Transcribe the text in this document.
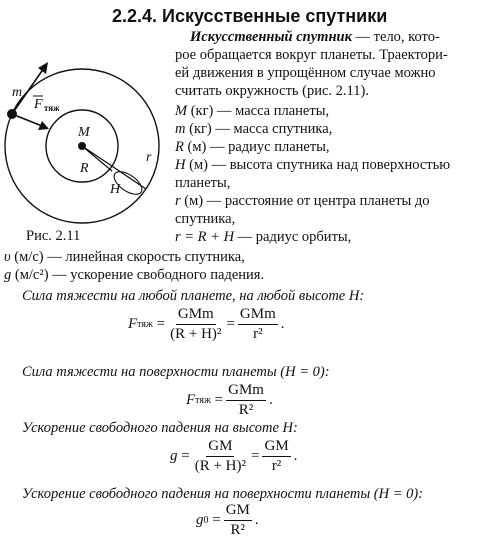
2.2.4. Искусственные спутники
m
F тяж
M
R
r
H
Рис. 2.11
Искусственный спутник — тело, кото-
рое обращается вокруг планеты. Траектори-
ей движения в упрощённом случае можно
считать окружность (рис. 2.11).
M (кг) — масса планеты,
m (кг) — масса спутника,
R (м) — радиус планеты,
H (м) — высота спутника над поверхностью
планеты,
r (м) — расстояние от центра планеты до
спутника,
r = R + H — радиус орбиты,
υ (м/с) — линейная скорость спутника,
g (м/с²) — ускорение свободного падения.
Сила тяжести на любой планете, на любой высоте H:
F тяж = $\frac{\text{GMm}}{\text{(R + H)²}} = \frac{\text{GMm}}{\text{r²}}$ .
Сила тяжести на поверхности планеты (H = 0):
F тяж = $\frac{\text{GMm}}{\text{R²}}$ .
Ускорение свободного падения на высоте H:
$g = \frac{GM}{\text{(R + H)²}} = \frac{GM}{\text{r²}}$ .
Ускорение свободного падения на поверхности планеты (H = 0):
g $0 = \frac{GM}{\text{R²}}$ .
